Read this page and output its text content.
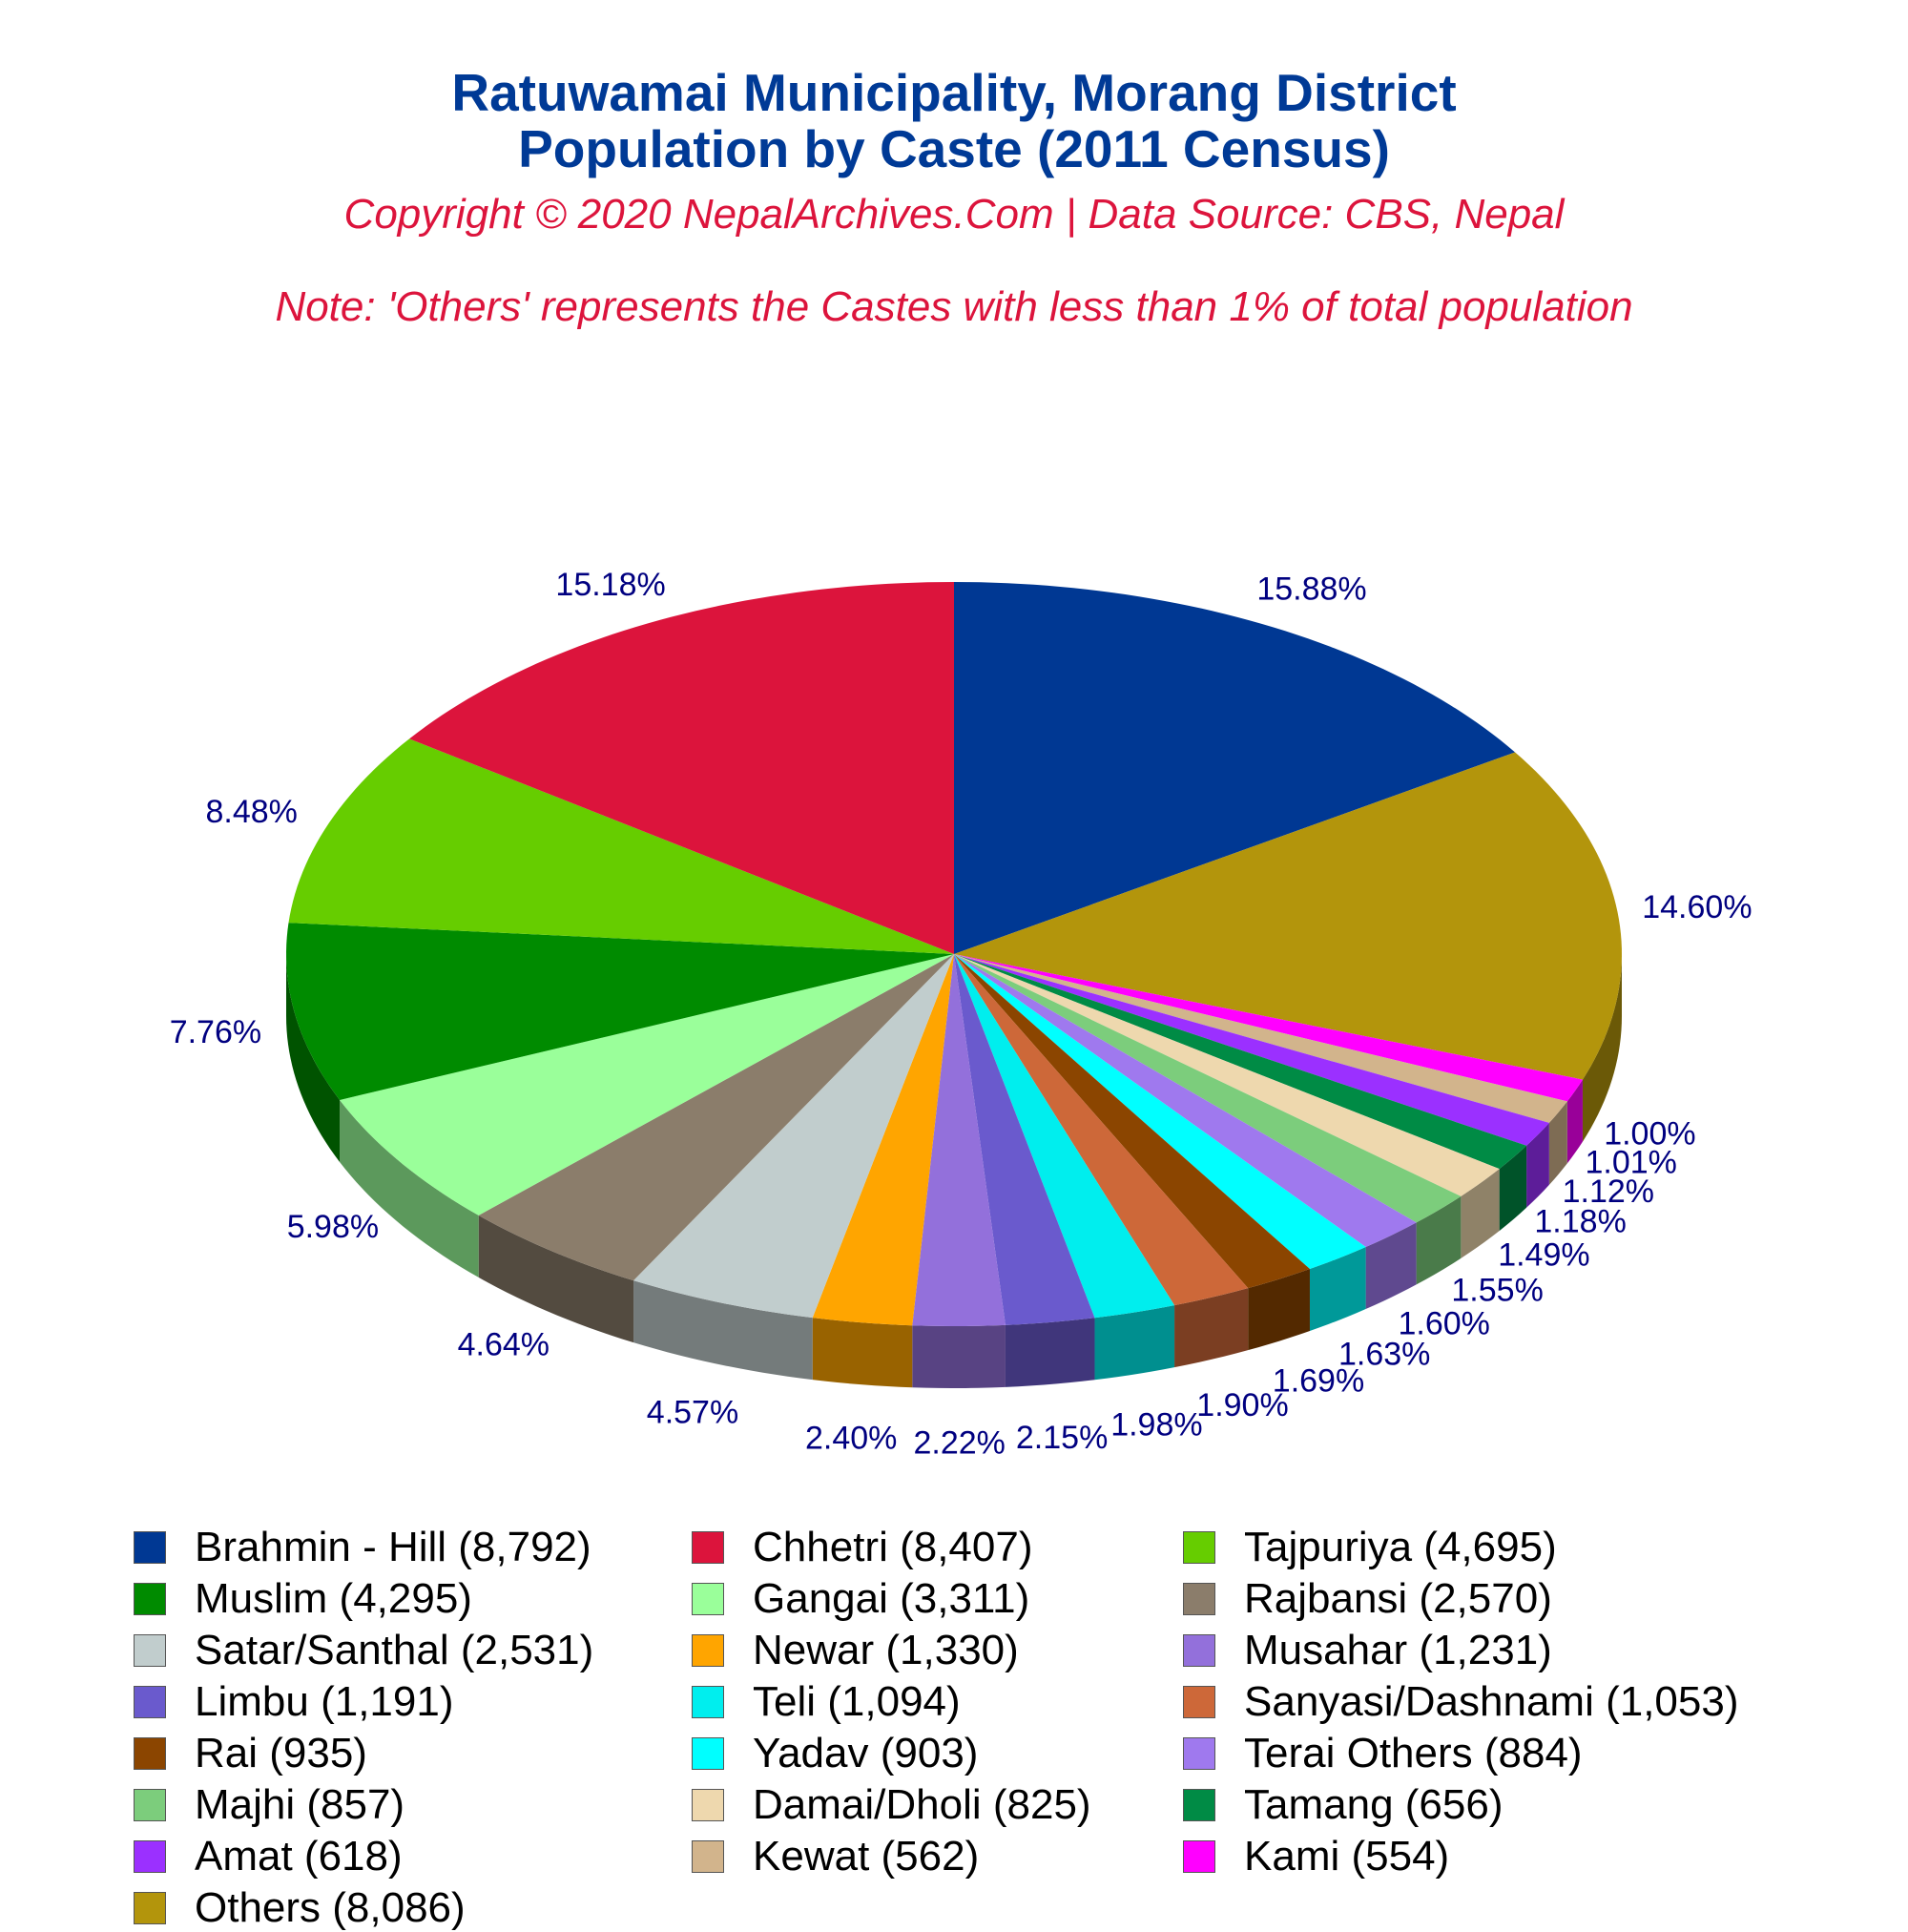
Ratuwamai Municipality, Morang District
Population by Caste (2011 Census)
Copyright © 2020 NepalArchives.Com | Data Source: CBS, Nepal
Note: 'Others' represents the Castes with less than 1% of total population
15.88%
14.60%
1.00%
1.01%
1.12%
1.18%
1.49%
1.55%
1.60%
1.63%
1.69%
1.90%
1.98%
2.15%
2.22%
2.40%
4.57%
4.64%
5.98%
7.76%
8.48%
15.18%
Brahmin - Hill (8,792)	Chhetri (8,407)	Tajpuriya (4,695)
Muslim (4,295)	Gangai (3,311)	Rajbansi (2,570)
Satar/Santhal (2,531)	Newar (1,330)	Musahar (1,231)
Limbu (1,191)	Teli (1,094)	Sanyasi/Dashnami (1,053)
Rai (935)	Yadav (903)	Terai Others (884)
Majhi (857)	Damai/Dholi (825)	Tamang (656)
Amat (618)	Kewat (562)	Kami (554)
Others (8,086)
